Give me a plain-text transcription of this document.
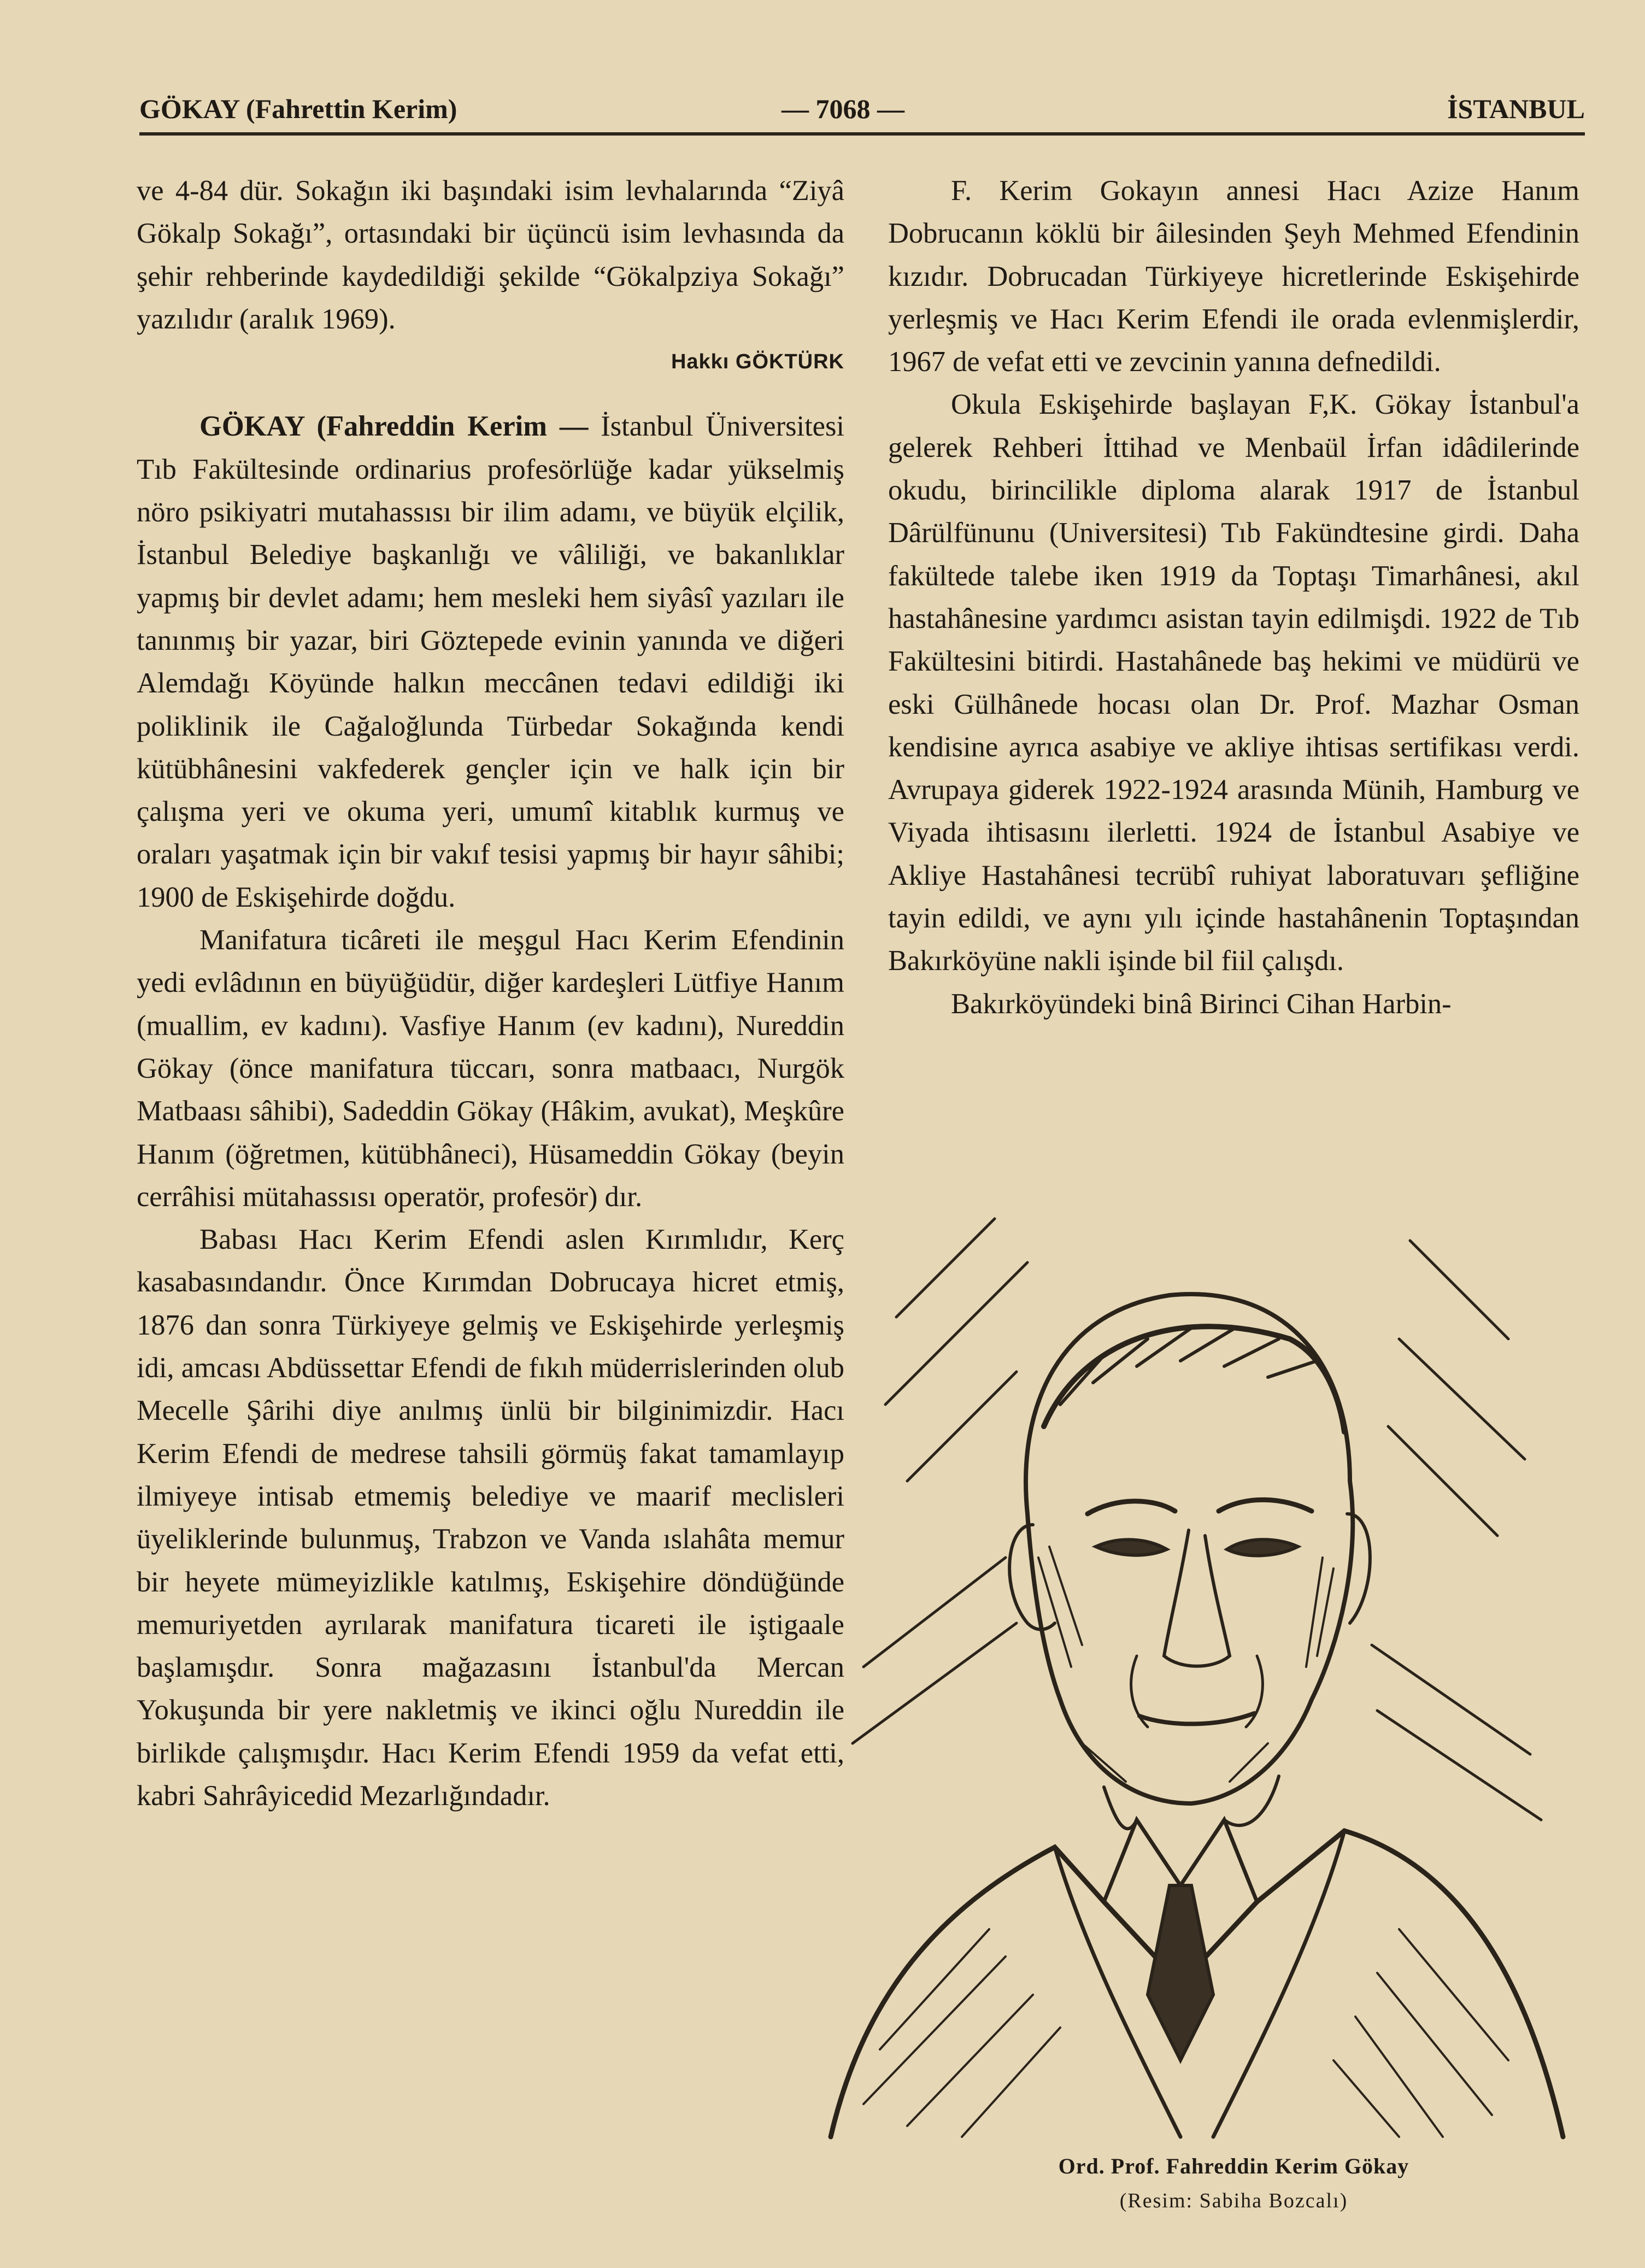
GÖKAY (Fahrettin Kerim)	— 7068 —	İSTANBUL

ve 4-84 dür. Sokağın iki başındaki isim levhalarında “Ziyâ Gökalp Sokağı”, ortasındaki bir üçüncü isim levhasında da şehir rehberinde kaydedildiği şekilde “Gökalpziya Sokağı” yazılıdır (aralık 1969).

Hakkı GÖKTÜRK

GÖKAY (Fahreddin Kerim — İstanbul Üniversitesi Tıb Fakültesinde ordinarius profesörlüğe kadar yükselmiş nöro psikiyatri mutahassısı bir ilim adamı, ve büyük elçilik, İstanbul Belediye başkanlığı ve vâliliği, ve bakanlıklar yapmış bir devlet adamı; hem mesleki hem siyâsî yazıları ile tanınmış bir yazar, biri Göztepede evinin yanında ve diğeri Alemdağı Köyünde halkın meccânen tedavi edildiği iki poliklinik ile Cağaloğlunda Türbedar Sokağında kendi kütübhânesini vakfederek gençler için ve halk için bir çalışma yeri ve okuma yeri, umumî kitablık kurmuş ve oraları yaşatmak için bir vakıf tesisi yapmış bir hayır sâhibi; 1900 de Eskişehirde doğdu.

Manifatura ticâreti ile meşgul Hacı Kerim Efendinin yedi evlâdının en büyüğüdür, diğer kardeşleri Lütfiye Hanım (muallim, ev kadını). Vasfiye Hanım (ev kadını), Nureddin Gökay (önce manifatura tüccarı, sonra matbaacı, Nurgök Matbaası sâhibi), Sadeddin Gökay (Hâkim, avukat), Meşkûre Hanım (öğretmen, kütübhâneci), Hüsameddin Gökay (beyin cerrâhisi mütahassısı operatör, profesör) dır.

Babası Hacı Kerim Efendi aslen Kırımlıdır, Kerç kasabasındandır. Önce Kırımdan Dobrucaya hicret etmiş, 1876 dan sonra Türkiyeye gelmiş ve Eskişehirde yerleşmiş idi, amcası Abdüssettar Efendi de fıkıh müderrislerinden olub Mecelle Şârihi diye anılmış ünlü bir bilginimizdir. Hacı Kerim Efendi de medrese tahsili görmüş fakat tamamlayıp ilmiyeye intisab etmemiş belediye ve maarif meclisleri üyeliklerinde bulunmuş, Trabzon ve Vanda ıslahâta memur bir heyete mümeyizlikle katılmış, Eskişehire döndüğünde memuriyetden ayrılarak manifatura ticareti ile iştigaale başlamışdır. Sonra mağazasını İstanbul'da Mercan Yokuşunda bir yere nakletmiş ve ikinci oğlu Nureddin ile birlikde çalışmışdır. Hacı Kerim Efendi 1959 da vefat etti, kabri Sahrâyicedid Mezarlığındadır.

F. Kerim Gokayın annesi Hacı Azize Hanım Dobrucanın köklü bir âilesinden Şeyh Mehmed Efendinin kızıdır. Dobrucadan Türkiyeye hicretlerinde Eskişehirde yerleşmiş ve Hacı Kerim Efendi ile orada evlenmişlerdir, 1967 de vefat etti ve zevcinin yanına defnedildi.

Okula Eskişehirde başlayan F,K. Gökay İstanbul'a gelerek Rehberi İttihad ve Menbaül İrfan idâdilerinde okudu, birincilikle diploma alarak 1917 de İstanbul Dârülfünunu (Universitesi) Tıb Fakündtesine girdi. Daha fakültede talebe iken 1919 da Toptaşı Timarhânesi, akıl hastahânesine yardımcı asistan tayin edilmişdi. 1922 de Tıb Fakültesini bitirdi. Hastahânede baş hekimi ve müdürü ve eski Gülhânede hocası olan Dr. Prof. Mazhar Osman kendisine ayrıca asabiye ve akliye ihtisas sertifikası verdi. Avrupaya giderek 1922-1924 arasında Münih, Hamburg ve Viyada ihtisasını ilerletti. 1924 de İstanbul Asabiye ve Akliye Hastahânesi tecrübî ruhiyat laboratuvarı şefliğine tayin edildi, ve aynı yılı içinde hastahânenin Toptaşından Bakırköyüne nakli işinde bil fiil çalışdı.

Bakırköyündeki binâ Birinci Cihan Harbin-

Ord. Prof. Fahreddin Kerim Gökay
(Resim: Sabiha Bozcalı)
